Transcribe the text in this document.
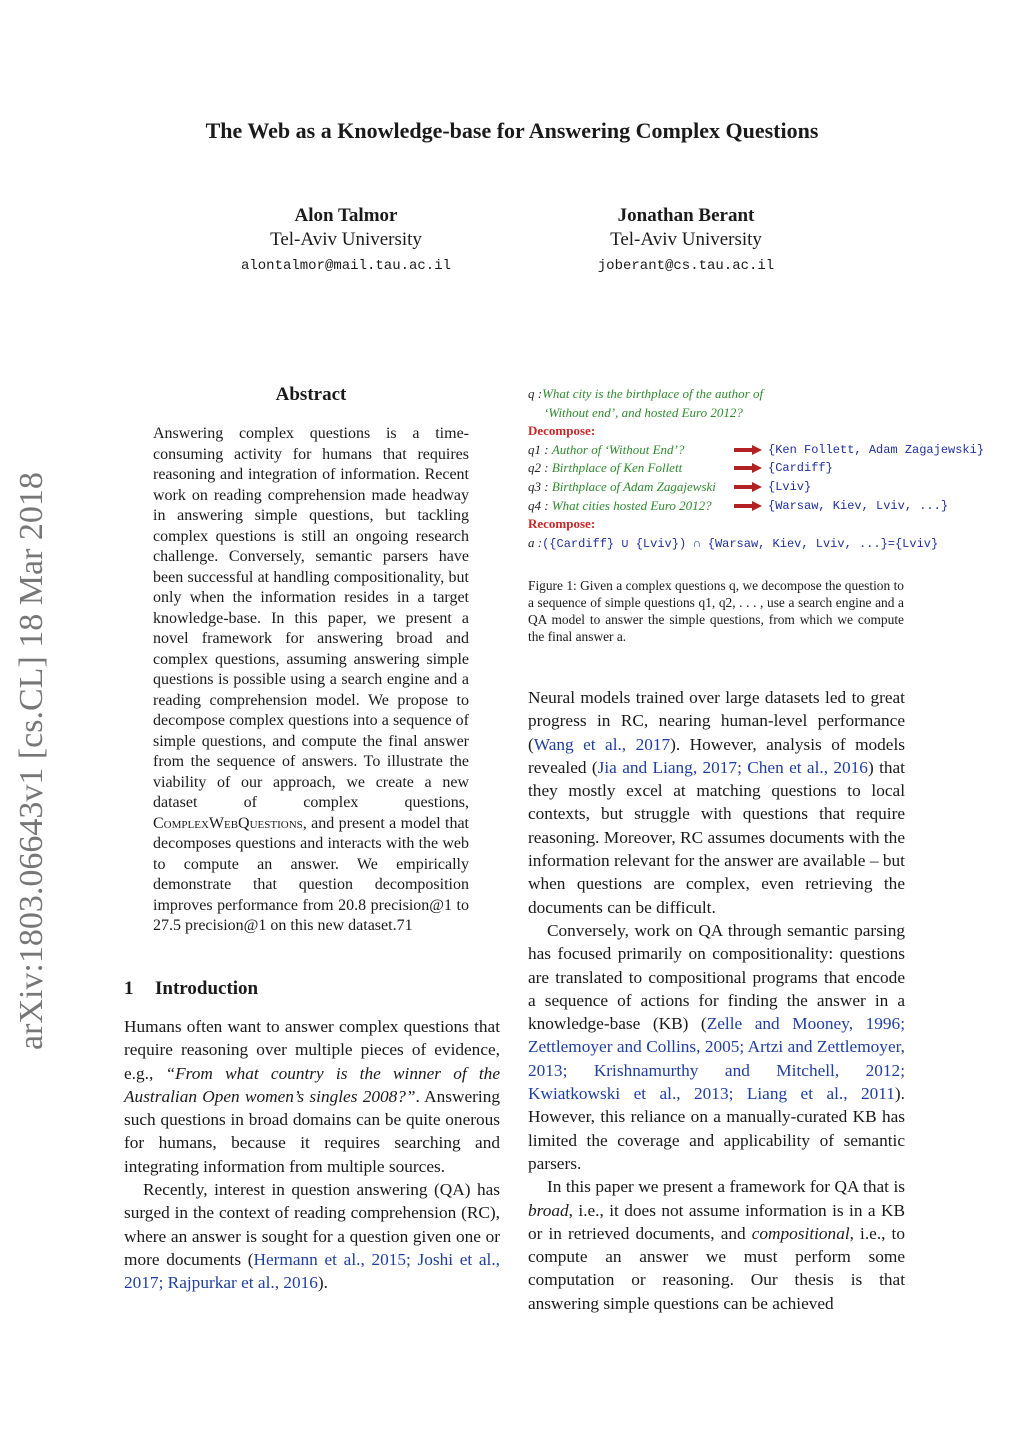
arXiv:1803.06643v1 [cs.CL] 18 Mar 2018
The Web as a Knowledge-base for Answering Complex Questions
Alon Talmor
Tel-Aviv University
alontalmor@mail.tau.ac.il
Jonathan Berant
Tel-Aviv University
joberant@cs.tau.ac.il
Abstract
Answering complex questions is a time-consuming activity for humans that requires reasoning and integration of information. Recent work on reading comprehension made headway in answering simple questions, but tackling complex questions is still an ongoing research challenge. Conversely, semantic parsers have been successful at handling compositionality, but only when the information resides in a target knowledge-base. In this paper, we present a novel framework for answering broad and complex questions, assuming answering simple questions is possible using a search engine and a reading comprehension model. We propose to decompose complex questions into a sequence of simple questions, and compute the final answer from the sequence of answers. To illustrate the viability of our approach, we create a new dataset of complex questions, ComplexWebQuestions, and present a model that decomposes questions and interacts with the web to compute an answer. We empirically demonstrate that question decomposition improves performance from 20.8 precision@1 to 27.5 precision@1 on this new dataset.71
1 Introduction

Humans often want to answer complex questions that require reasoning over multiple pieces of evidence, e.g., “From what country is the winner of the Australian Open women’s singles 2008?”. Answering such questions in broad domains can be quite onerous for humans, because it requires searching and integrating information from multiple sources.

Recently, interest in question answering (QA) has surged in the context of reading comprehension (RC), where an answer is sought for a question given one or more documents (Hermann et al., 2015; Joshi et al., 2017; Rajpurkar et al., 2016).

q :What city is the birthplace of the author of
‘Without end’, and hosted Euro 2012?
Decompose:
q1 : Author of ‘Without End’?	{Ken Follett, Adam Zagajewski}
q2 : Birthplace of Ken Follett	{Cardiff}
q3 : Birthplace of Adam Zagajewski	{Lviv}
q4 : What cities hosted Euro 2012?	{Warsaw, Kiev, Lviv, ...}
Recompose:
a :({Cardiff} ∪ {Lviv}) ∩ {Warsaw, Kiev, Lviv, ...}={Lviv}
Figure 1: Given a complex questions q, we decompose the question to a sequence of simple questions q1, q2, . . . , use a search engine and a QA model to answer the simple questions, from which we compute the final answer a.

Neural models trained over large datasets led to great progress in RC, nearing human-level performance (Wang et al., 2017). However, analysis of models revealed (Jia and Liang, 2017; Chen et al., 2016) that they mostly excel at matching questions to local contexts, but struggle with questions that require reasoning. Moreover, RC assumes documents with the information relevant for the answer are available – but when questions are complex, even retrieving the documents can be difficult.

Conversely, work on QA through semantic parsing has focused primarily on compositionality: questions are translated to compositional programs that encode a sequence of actions for finding the answer in a knowledge-base (KB) (Zelle and Mooney, 1996; Zettlemoyer and Collins, 2005; Artzi and Zettlemoyer, 2013; Krishnamurthy and Mitchell, 2012; Kwiatkowski et al., 2013; Liang et al., 2011). However, this reliance on a manually-curated KB has limited the coverage and applicability of semantic parsers.

In this paper we present a framework for QA that is broad, i.e., it does not assume information is in a KB or in retrieved documents, and compositional, i.e., to compute an answer we must perform some computation or reasoning. Our thesis is that answering simple questions can be achieved
